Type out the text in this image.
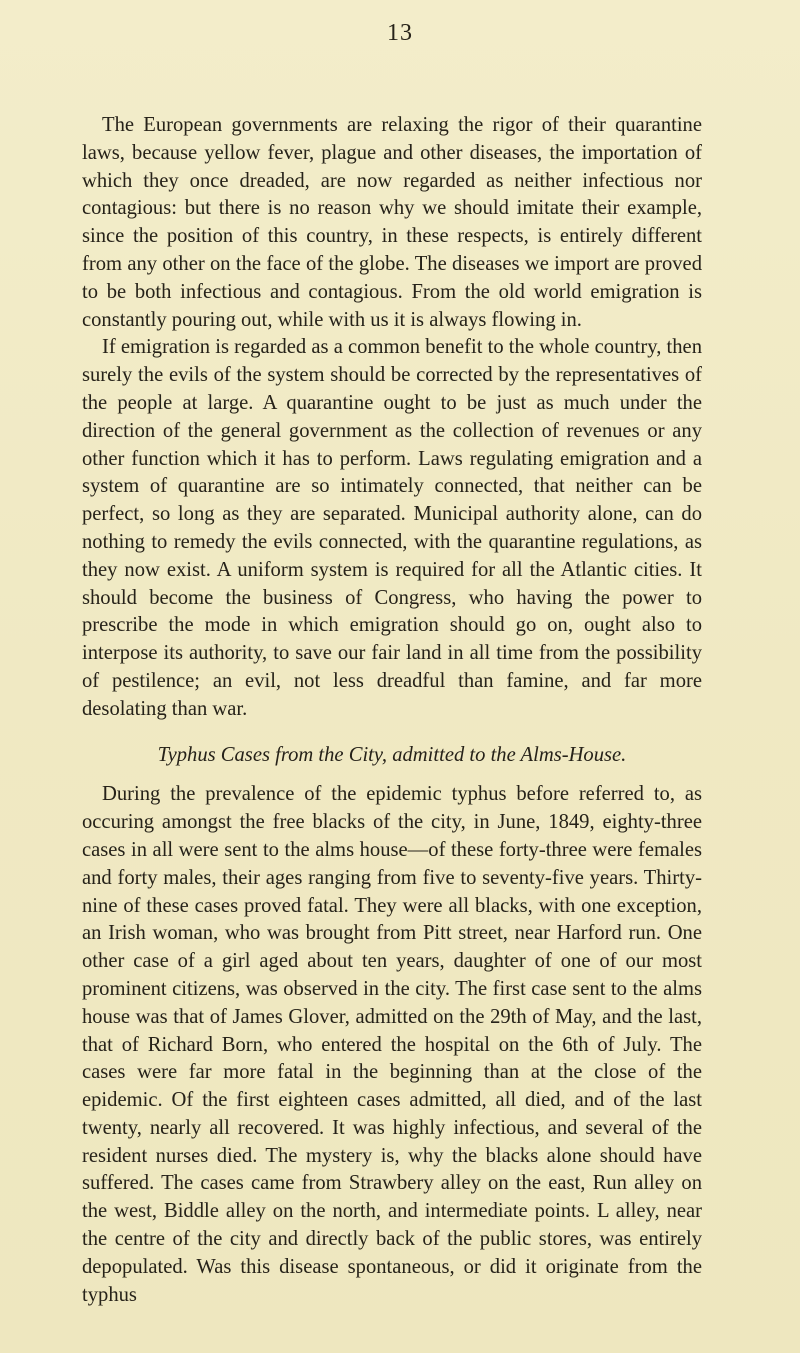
13

The European governments are relaxing the rigor of their quarantine laws, because yellow fever, plague and other diseases, the importation of which they once dreaded, are now regarded as neither infectious nor contagious: but there is no reason why we should imitate their example, since the position of this country, in these respects, is entirely different from any other on the face of the globe. The diseases we import are proved to be both infectious and contagious. From the old world emigration is constantly pouring out, while with us it is always flowing in.

If emigration is regarded as a common benefit to the whole country, then surely the evils of the system should be corrected by the representatives of the people at large. A quarantine ought to be just as much under the direction of the general government as the collection of revenues or any other function which it has to perform. Laws regulating emigration and a system of quarantine are so intimately connected, that neither can be perfect, so long as they are separated. Municipal authority alone, can do nothing to remedy the evils connected, with the quarantine regulations, as they now exist. A uniform system is required for all the Atlantic cities. It should become the business of Congress, who having the power to prescribe the mode in which emigration should go on, ought also to interpose its authority, to save our fair land in all time from the possibility of pestilence; an evil, not less dreadful than famine, and far more desolating than war.

Typhus Cases from the City, admitted to the Alms-House.

During the prevalence of the epidemic typhus before referred to, as occuring amongst the free blacks of the city, in June, 1849, eighty-three cases in all were sent to the alms house—of these forty-three were females and forty males, their ages ranging from five to seventy-five years. Thirty-nine of these cases proved fatal. They were all blacks, with one exception, an Irish woman, who was brought from Pitt street, near Harford run. One other case of a girl aged about ten years, daughter of one of our most prominent citizens, was observed in the city. The first case sent to the alms house was that of James Glover, admitted on the 29th of May, and the last, that of Richard Born, who entered the hospital on the 6th of July. The cases were far more fatal in the beginning than at the close of the epidemic. Of the first eighteen cases admitted, all died, and of the last twenty, nearly all recovered. It was highly infectious, and several of the resident nurses died. The mystery is, why the blacks alone should have suffered. The cases came from Strawbery alley on the east, Run alley on the west, Biddle alley on the north, and intermediate points. L alley, near the centre of the city and directly back of the public stores, was entirely depopulated. Was this disease spontaneous, or did it originate from the typhus
